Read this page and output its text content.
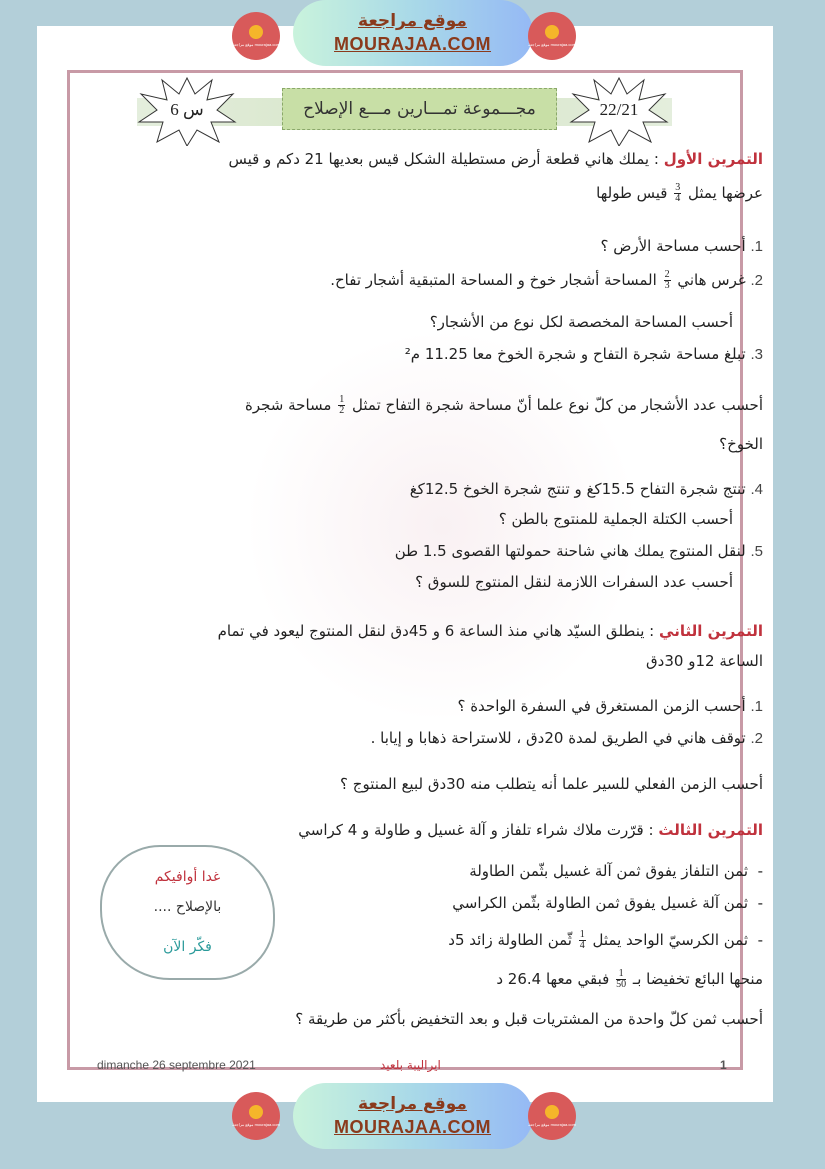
موقع مراجعة mourajaa.com
موقع مراجعة
MOURAJAA.COM	موقع مراجعة mourajaa.com
س 6	مجـــموعة تمـــارين مـــع الإصلاح	22/21
التمرين الأول : يملك هاني قطعة أرض مستطيلة الشكل قيس بعديها 21 دكم و قيس
عرضها يمثل
$\frac{3}{4}$
قيس طولها
1. أحسب مساحة الأرض ؟
2. غرس هاني
$\frac{2}{3}$
المساحة أشجار خوخ و المساحة المتبقية أشجار تفاح.
أحسب المساحة المخصصة لكل نوع من الأشجار؟
3. تبلغ مساحة شجرة التفاح و شجرة الخوخ معا 11.25 م²
أحسب عدد الأشجار من كلّ نوع علما أنّ مساحة شجرة التفاح تمثل
$\frac{1}{2}$
مساحة شجرة
الخوخ؟
4. تنتج شجرة التفاح 15.5كغ و تنتج شجرة الخوخ 12.5كغ
أحسب الكتلة الجملية للمنتوج بالطن ؟
5. لنقل المنتوج يملك هاني شاحنة حمولتها القصوى 1.5 طن
أحسب عدد السفرات اللازمة لنقل المنتوج للسوق ؟
التمرين الثاني : ينطلق السيّد هاني منذ الساعة 6 و 45دق لنقل المنتوج ليعود في تمام
الساعة 12و 30دق
1. أحسب الزمن المستغرق في السفرة الواحدة ؟
2. توقف هاني في الطريق لمدة 20دق ، للاستراحة ذهابا و إيابا .
أحسب الزمن الفعلي للسير علما أنه يتطلب منه 30دق لبيع المنتوج ؟
التمرين الثالث : قرّرت ملاك شراء تلفاز و آلة غسيل و طاولة و 4 كراسي
-  ثمن التلفاز يفوق ثمن آلة غسيل بثّمن الطاولة
-  ثمن آلة غسيل يفوق ثمن الطاولة بثّمن الكراسي
-  ثمن الكرسيّ الواحد يمثل
$\frac{1}{4}$
ثّمن الطاولة زائد 5د
منحها البائع تخفيضا بـ
$\frac{1}{50}$
فبقي معها 26.4 د
أحسب ثمن كلّ واحدة من المشتريات قبل و بعد التخفيض بأكثر من طريقة ؟
غدا أوافيكم
بالإصلاح ....
فكّر الآن
dimanche 26 septembre 2021	ايراليبة بلعيد	1
موقع مراجعة mourajaa.com
موقع مراجعة
MOURAJAA.COM	موقع مراجعة mourajaa.com
